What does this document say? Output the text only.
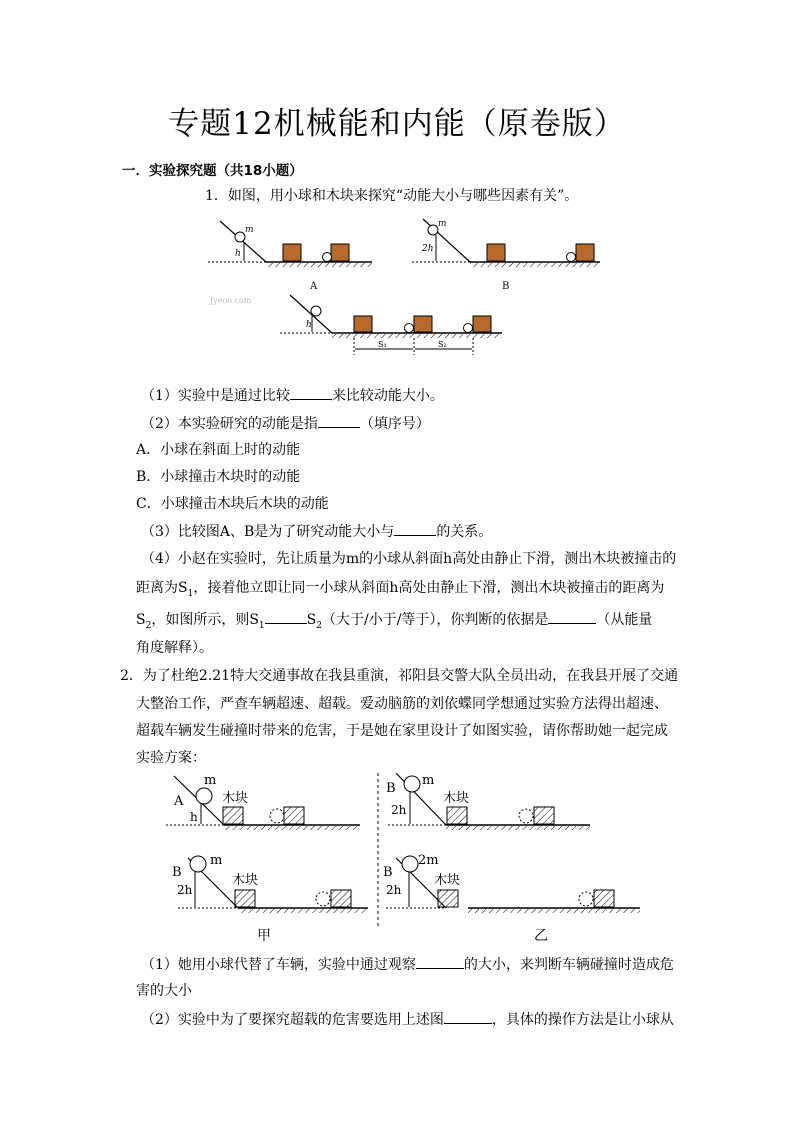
专题12机械能和内能（原卷版）
一．实验探究题（共18小题）
1．如图，用小球和木块来探究“动能大小与哪些因素有关”。
m
h
A
m
2h
B
Jyeoo.com
h
S₁	S₂
（1）实验中是通过比较	来比较动能大小。
（2）本实验研究的动能是指	（填序号）
A．小球在斜面上时的动能
B．小球撞击木块时的动能
C．小球撞击木块后木块的动能
（3）比较图A、B是为了研究动能大小与	的关系。
（4）小赵在实验时，先让质量为m的小球从斜面h高处由静止下滑，测出木块被撞击的
距离为$S_1$，接着他立即让同一小球从斜面h高处由静止下滑，测出木块被撞击的距离为
$S_2$，如图所示，则$S_1$	$S_2$（大于/小于/等于），你判断的依据是	（从能量
角度解释）。
2．为了杜绝2.21特大交通事故在我县重演，祁阳县交警大队全员出动，在我县开展了交通
大整治工作，严查车辆超速、超载。爱动脑筋的刘依蝶同学想通过实验方法得出超速、
超载车辆发生碰撞时带来的危害，于是她在家里设计了如图实验，请你帮助她一起完成
实验方案：
A
m
h
木块
B
m
2h
木块
B
m
2h
木块
甲
B
2m
2h
木块
乙
（1）她用小球代替了车辆，实验中通过观察	的大小，来判断车辆碰撞时造成危
害的大小
（2）实验中为了要探究超载的危害要选用上述图	，具体的操作方法是让小球从
